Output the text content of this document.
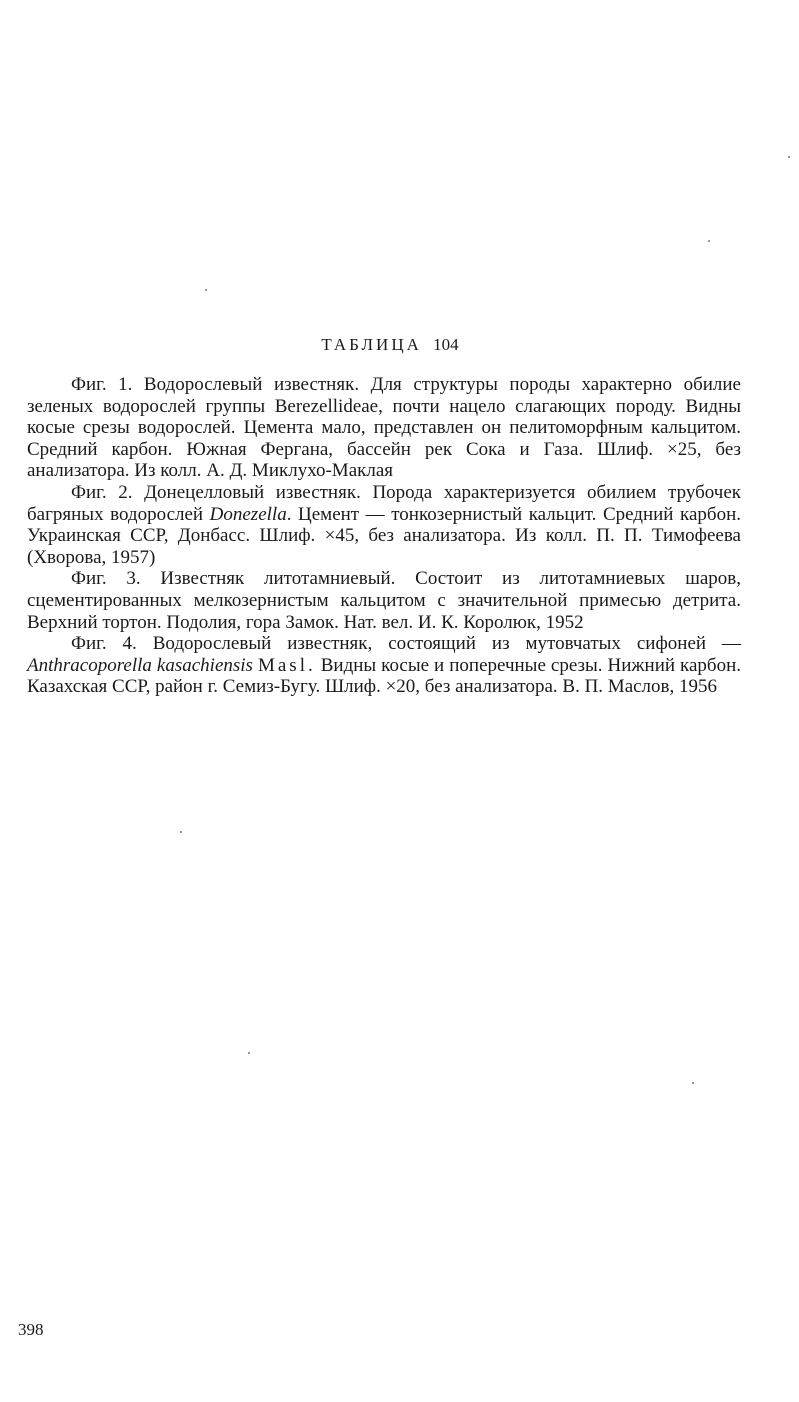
ТАБЛИЦА 104

Фиг. 1. Водорослевый известняк. Для структуры породы характерно обилие зеленых водорослей группы Berezellideae, почти нацело слагающих породу. Видны косые срезы водорослей. Цемента мало, представлен он пелитоморфным кальцитом. Средний карбон. Южная Фергана, бассейн рек Сока и Газа. Шлиф. ×25, без анализатора. Из колл. А. Д. Миклухо-Маклая

Фиг. 2. Донецелловый известняк. Порода характеризуется обилием трубочек багряных водорослей Donezella. Цемент — тонкозернистый кальцит. Средний карбон. Украинская ССР, Донбасс. Шлиф. ×45, без анализатора. Из колл. П. П. Тимофеева (Хворова, 1957)

Фиг. 3. Известняк литотамниевый. Состоит из литотамниевых шаров, сцементированных мелкозернистым кальцитом с значительной примесью детрита. Верхний тортон. Подолия, гора Замок. Нат. вел. И. К. Королюк, 1952

Фиг. 4. Водорослевый известняк, состоящий из мутовчатых сифоней — Anthracoporella kasachiensis Masl. Видны косые и поперечные срезы. Нижний карбон. Казахская ССР, район г. Семиз-Бугу. Шлиф. ×20, без анализатора. В. П. Маслов, 1956

398
